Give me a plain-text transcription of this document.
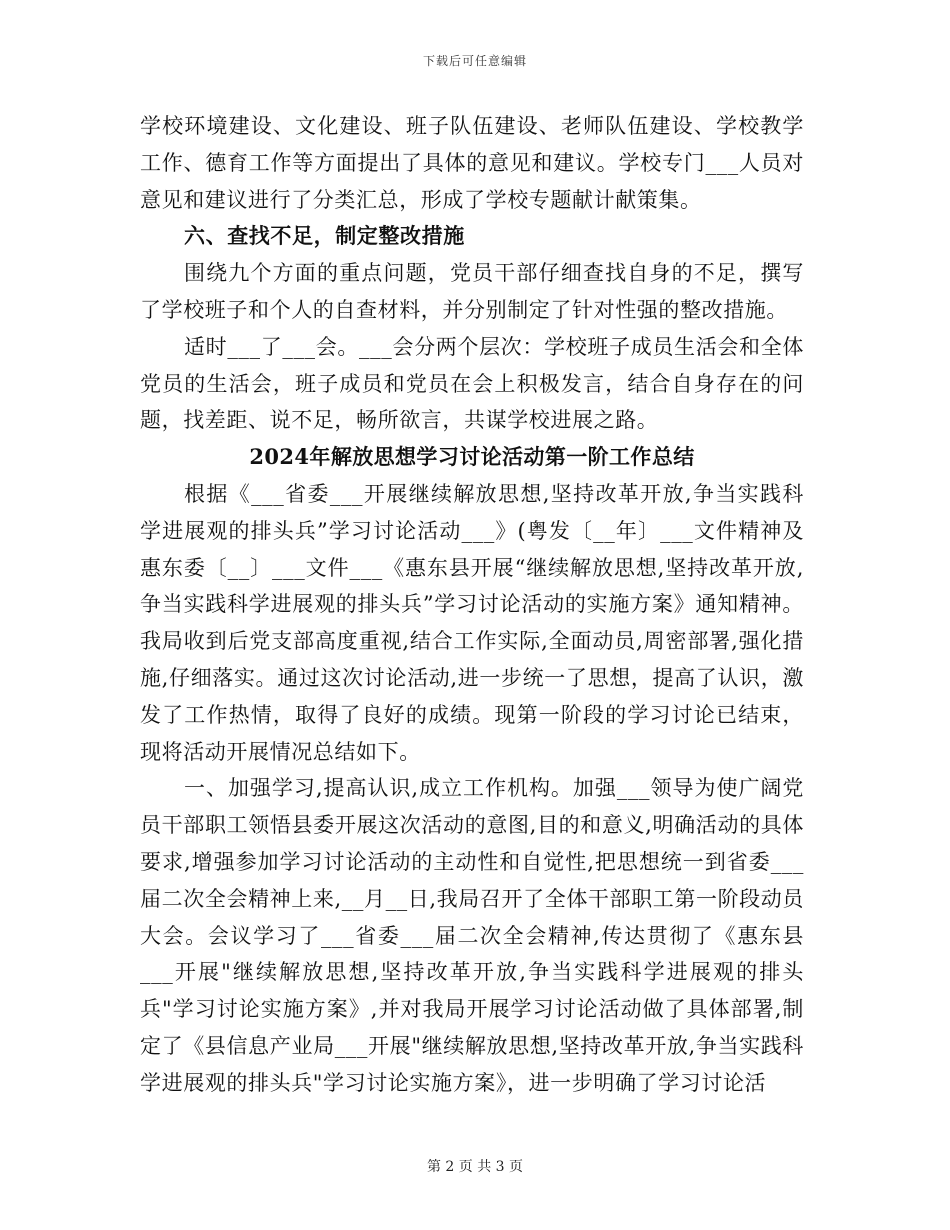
下载后可任意编辑

学校环境建设、文化建设、班子队伍建设、老师队伍建设、学校教学工作、德育工作等方面提出了具体的意见和建议。学校专门___人员对意见和建议进行了分类汇总，形成了学校专题献计献策集。

六、查找不足，制定整改措施

围绕九个方面的重点问题，党员干部仔细查找自身的不足，撰写了学校班子和个人的自查材料，并分别制定了针对性强的整改措施。

适时___了___会。___会分两个层次：学校班子成员生活会和全体党员的生活会，班子成员和党员在会上积极发言，结合自身存在的问题，找差距、说不足，畅所欲言，共谋学校进展之路。

2024年解放思想学习讨论活动第一阶工作总结

根据《___省委___开展继续解放思想,坚持改革开放,争当实践科学进展观的排头兵”学习讨论活动___》(粤发〔__年〕___文件精神及惠东委〔__〕___文件___《惠东县开展“继续解放思想,坚持改革开放,争当实践科学进展观的排头兵”学习讨论活动的实施方案》通知精神。我局收到后党支部高度重视,结合工作实际,全面动员,周密部署,强化措施,仔细落实。通过这次讨论活动,进一步统一了思想，提高了认识，激发了工作热情，取得了良好的成绩。现第一阶段的学习讨论已结束，现将活动开展情况总结如下。

一、加强学习,提高认识,成立工作机构。加强___领导为使广阔党员干部职工领悟县委开展这次活动的意图,目的和意义,明确活动的具体要求,增强参加学习讨论活动的主动性和自觉性,把思想统一到省委___届二次全会精神上来,__月__日,我局召开了全体干部职工第一阶段动员大会。会议学习了___省委___届二次全会精神,传达贯彻了《惠东县___开展"继续解放思想,坚持改革开放,争当实践科学进展观的排头兵"学习讨论实施方案》,并对我局开展学习讨论活动做了具体部署,制定了《县信息产业局___开展"继续解放思想,坚持改革开放,争当实践科学进展观的排头兵"学习讨论实施方案》，进一步明确了学习讨论活

第 2 页 共 3 页
